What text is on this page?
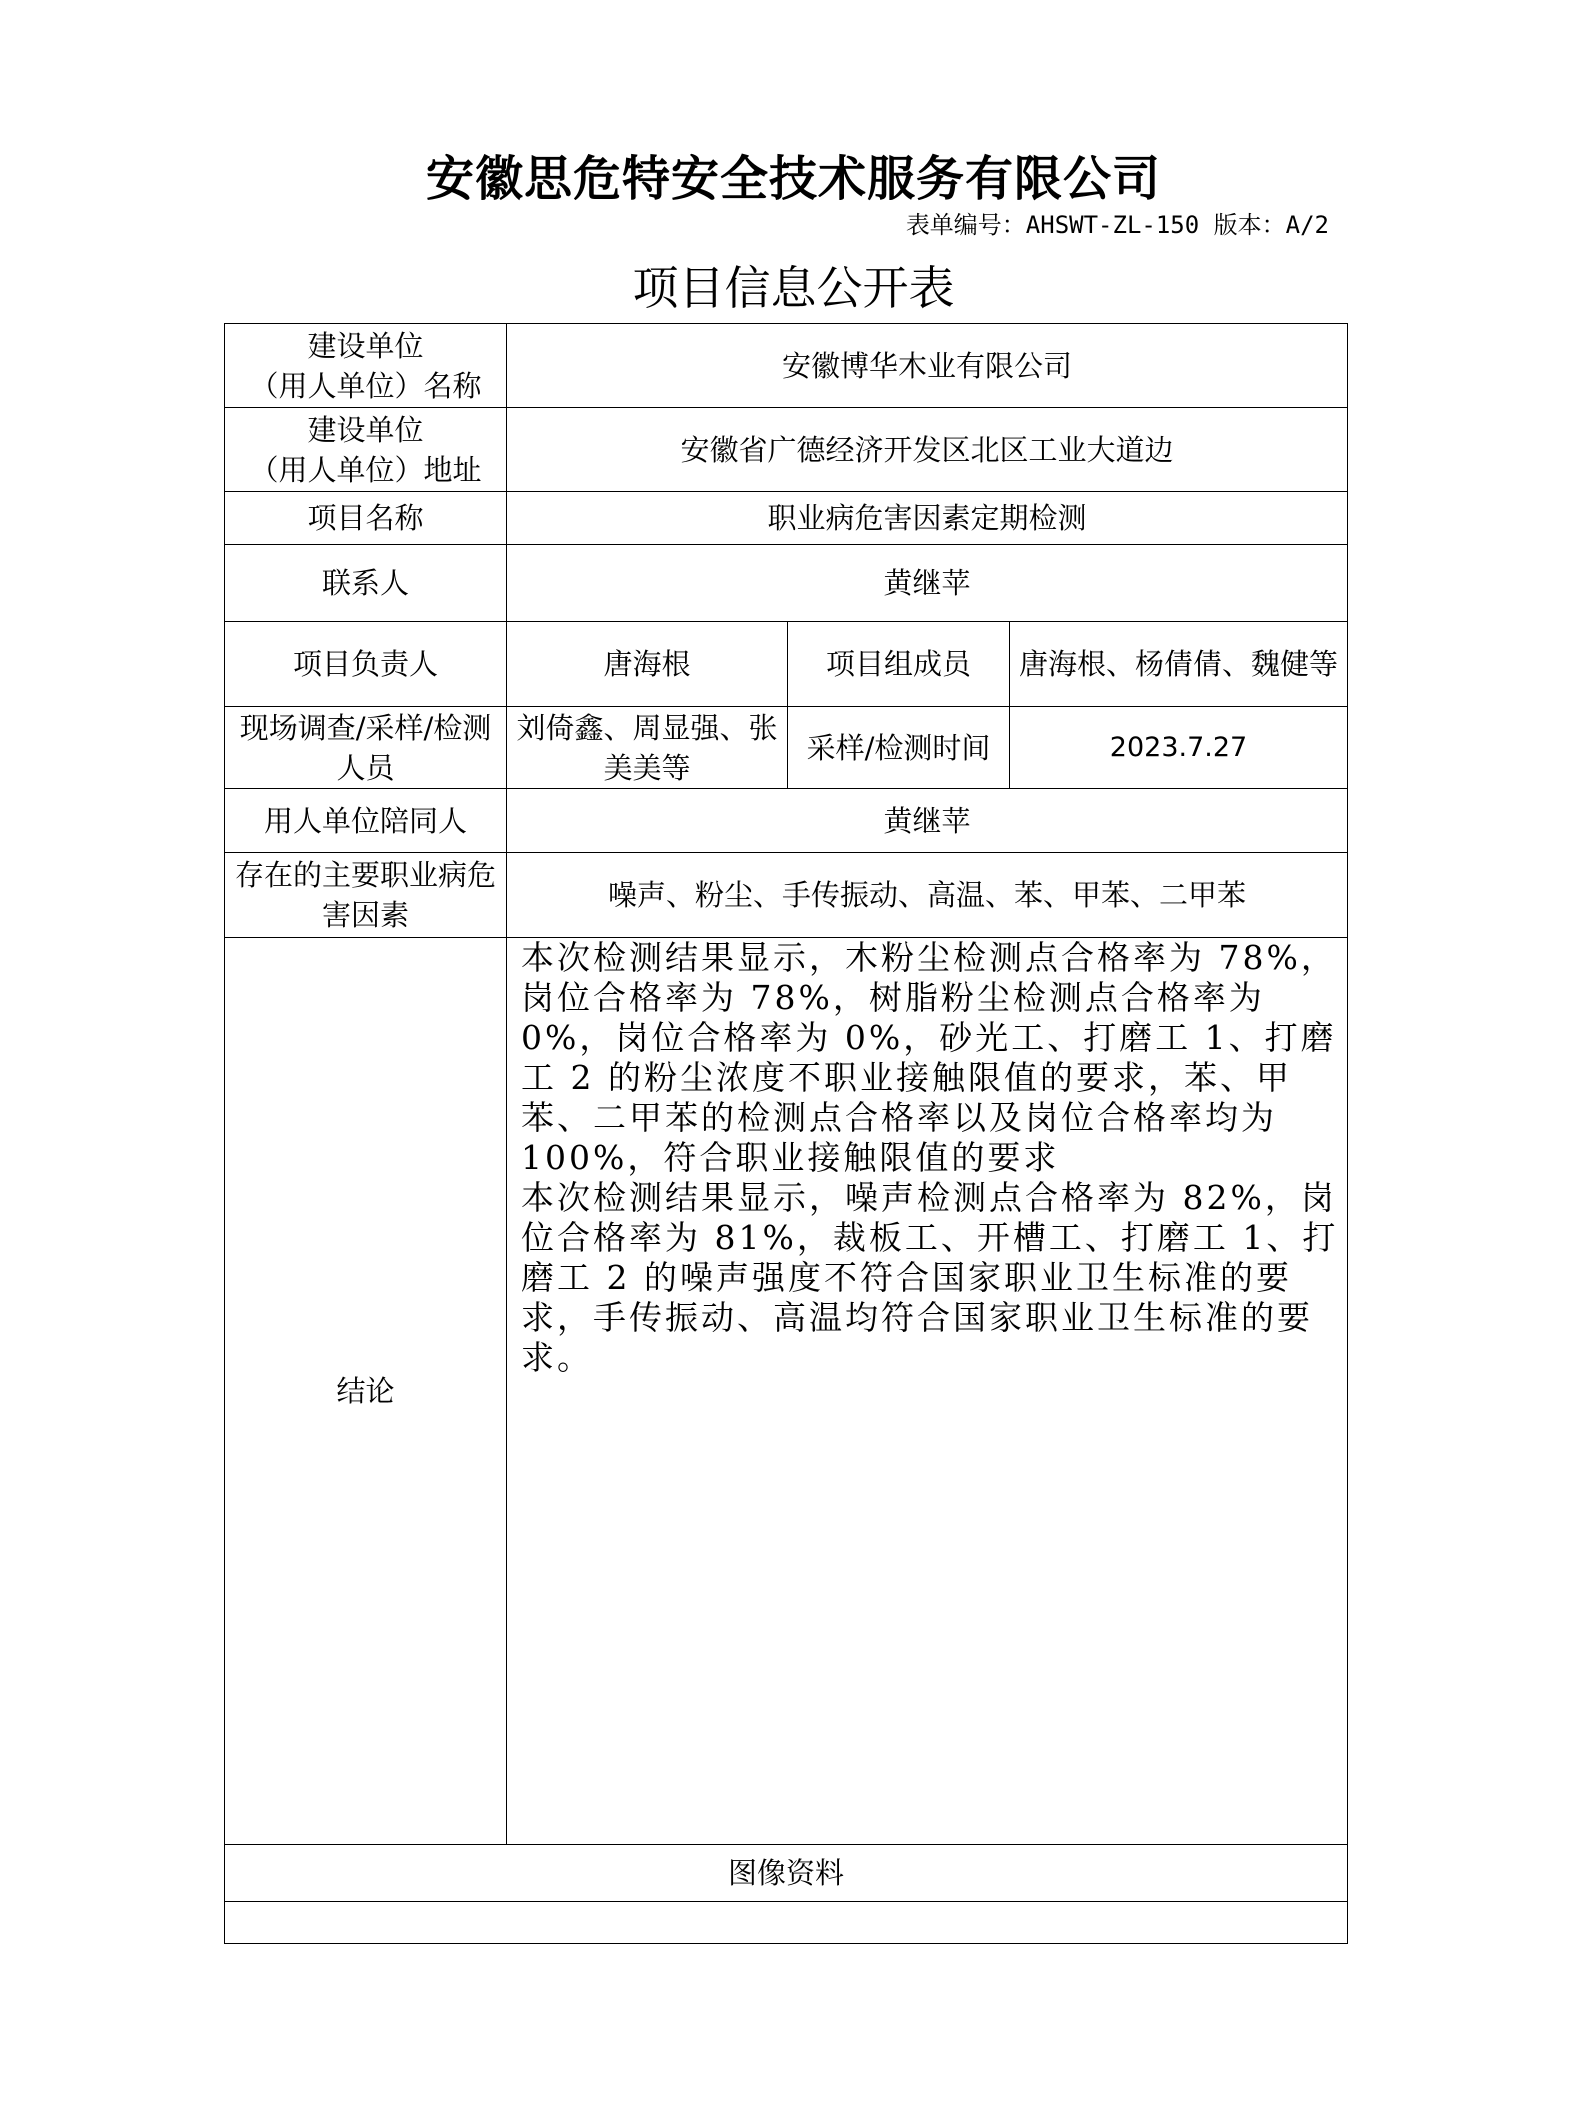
安徽思危特安全技术服务有限公司
表单编号：AHSWT-ZL-150 版本：A/2
项目信息公开表
建设单位
（用人单位）名称	安徽博华木业有限公司		

建设单位
（用人单位）地址	安徽省广德经济开发区北区工业大道边		
项目名称	职业病危害因素定期检测		
联系人	黄继苹		
项目负责人	唐海根	项目组成员	唐海根、杨倩倩、魏健等
现场调查/采样/检测人员	刘倚鑫、周显强、张美美等	采样/检测时间	2023.7.27
用人单位陪同人	黄继苹		
存在的主要职业病危害因素	噪声、粉尘、手传振动、高温、苯、甲苯、二甲苯		
结论	本次检测结果显示，木粉尘检测点合格率为 78%，岗位合格率为 78%，树脂粉尘检测点合格率为 0%，岗位合格率为 0%，砂光工、打磨工 1、打磨工 2 的粉尘浓度不职业接触限值的要求，苯、甲苯、二甲苯的检测点合格率以及岗位合格率均为 100%，符合职业接触限值的要求

本次检测结果显示，噪声检测点合格率为 82%，岗位合格率为 81%，裁板工、开槽工、打磨工 1、打磨工 2 的噪声强度不符合国家职业卫生标准的要求，手传振动、高温均符合国家职业卫生标准的要求。		

图像资料			
